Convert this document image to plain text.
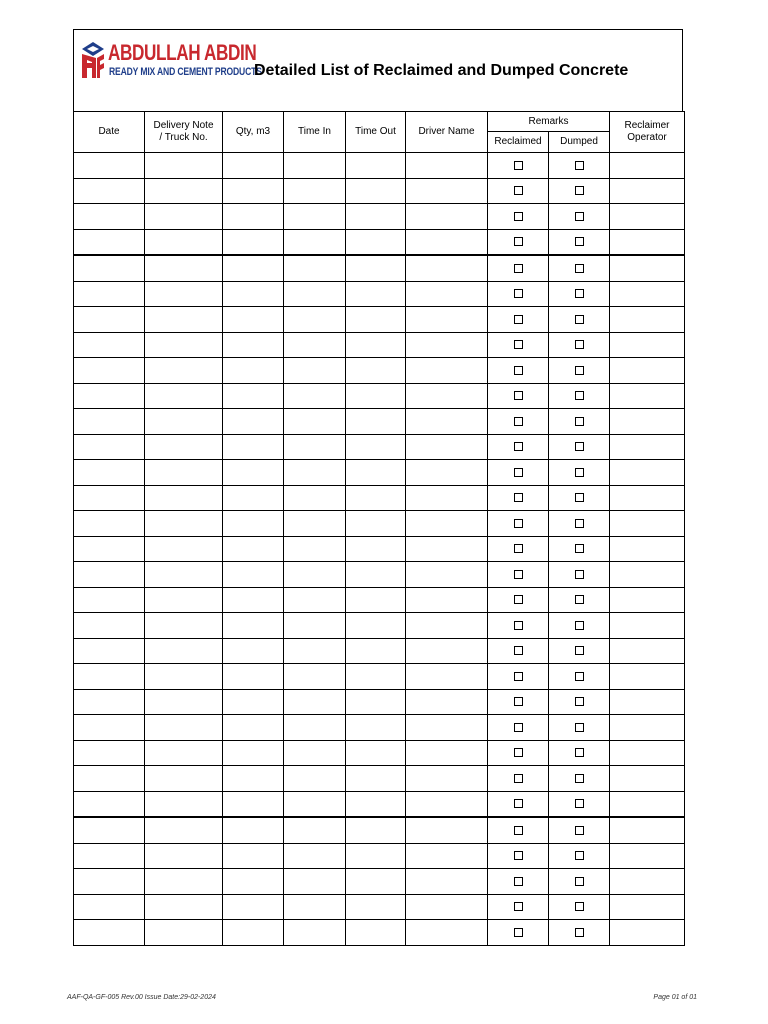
ABDULLAH ABDIN
READY MIX AND CEMENT PRODUCTS
Detailed List of Reclaimed and Dumped Concrete
Date	Delivery Note / Truck No.	Qty, m3	Time In	Time Out	Driver Name	Remarks		Reclaimer Operator
						Reclaimed	Dumped	

AAF-QA-GF-005 Rev.00 Issue Date:29-02-2024	Page 01 of 01
